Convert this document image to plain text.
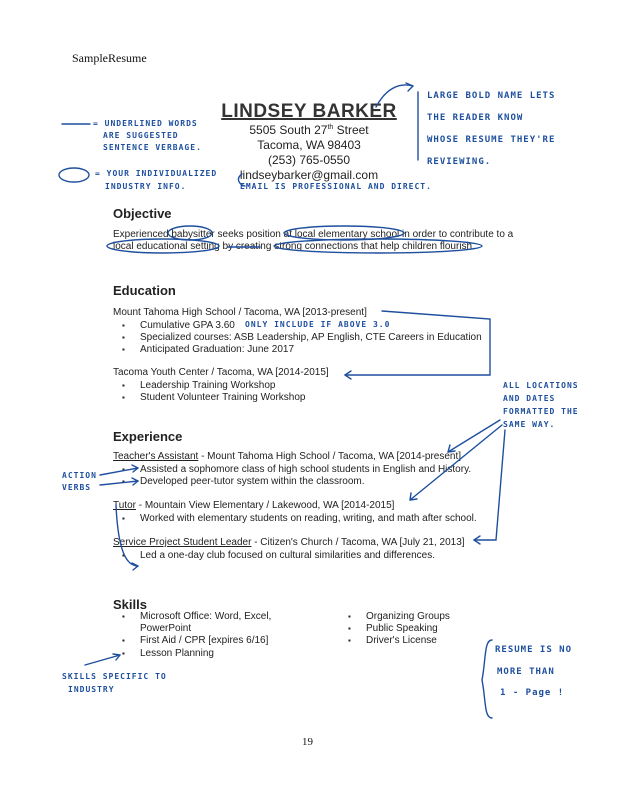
SampleResume
LINDSEY BARKER
5505 South 27th Street
Tacoma, WA 98403
(253) 765-0550
lindseybarker@gmail.com
Objective
Experienced babysitter seeks position at local elementary school in order to contribute to a
local educational setting by creating strong connections that help children flourish.
Education
Mount Tahoma High School / Tacoma, WA [2013-present]
▪ Cumulative GPA 3.60
▪ Specialized courses: ASB Leadership, AP English, CTE Careers in Education
▪ Anticipated Graduation: June 2017
Tacoma Youth Center / Tacoma, WA [2014-2015]
▪ Leadership Training Workshop
▪ Student Volunteer Training Workshop
Experience
Teacher's Assistant - Mount Tahoma High School / Tacoma, WA [2014-present]
▪ Assisted a sophomore class of high school students in English and History.
▪ Developed peer-tutor system within the classroom.
Tutor - Mountain View Elementary / Lakewood, WA [2014-2015]
▪ Worked with elementary students on reading, writing, and math after school.
Service Project Student Leader - Citizen's Church / Tacoma, WA [July 21, 2013]
▪ Led a one-day club focused on cultural similarities and differences.
Skills
▪ Microsoft Office: Word, Excel,
PowerPoint
▪ First Aid / CPR [expires 6/16]
▪ Lesson Planning
▪ Organizing Groups
▪ Public Speaking
▪ Driver's License
= UNDERLINED WORDS
ARE SUGGESTED
SENTENCE VERBAGE.
= YOUR INDIVIDUALIZED
INDUSTRY INFO.	EMAIL IS PROFESSIONAL AND DIRECT.
LARGE BOLD NAME LETS
THE READER KNOW
WHOSE RESUME THEY'RE
REVIEWING.
ONLY INCLUDE IF ABOVE 3.0
ALL LOCATIONS
AND DATES
FORMATTED THE
SAME WAY.
ACTION
VERBS
SKILLS SPECIFIC TO
INDUSTRY
RESUME IS NO
MORE THAN
1 - Page !
19
